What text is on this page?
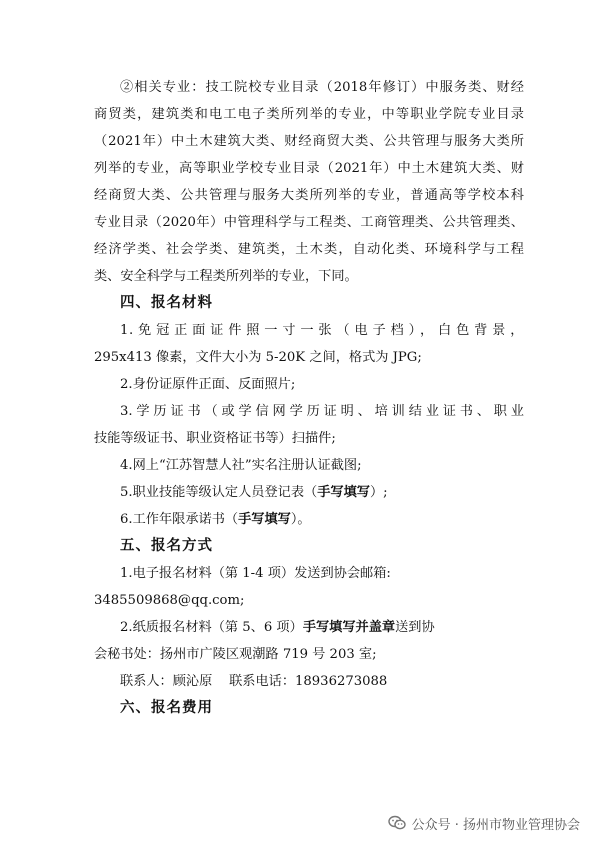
②相关专业：技工院校专业目录（2018年修订）中服务类、财经
商贸类，建筑类和电工电子类所列举的专业，中等职业学院专业目录
（2021年）中土木建筑大类、财经商贸大类、公共管理与服务大类所
列举的专业，高等职业学校专业目录（2021年）中土木建筑大类、财
经商贸大类、公共管理与服务大类所列举的专业，普通高等学校本科
专业目录（2020年）中管理科学与工程类、工商管理类、公共管理类、
经济学类、社会学类、建筑类，土木类，自动化类、环境科学与工程
类、安全科学与工程类所列举的专业，下同。
四、报名材料
1.免冠正面证件照一寸一张（电子档），白色背景，
295x413 像素，文件大小为 5-20K 之间，格式为 JPG;
2.身份证原件正面、反面照片;
3.学历证书（或学信网学历证明、培训结业证书、职业
技能等级证书、职业资格证书等）扫描件;
4.网上“江苏智慧人社”实名注册认证截图;
5.职业技能等级认定人员登记表（手写填写）;
6.工作年限承诺书（手写填写）。
五、报名方式
1.电子报名材料（第 1-4 项）发送到协会邮箱:
3485509868@qq.com;
2.纸质报名材料（第 5、6 项）手写填写并盖章送到协
会秘书处：扬州市广陵区观潮路 719 号 203 室;
联系人：顾沁原    联系电话：18936273088
六、报名费用
公众号 · 扬州市物业管理协会
